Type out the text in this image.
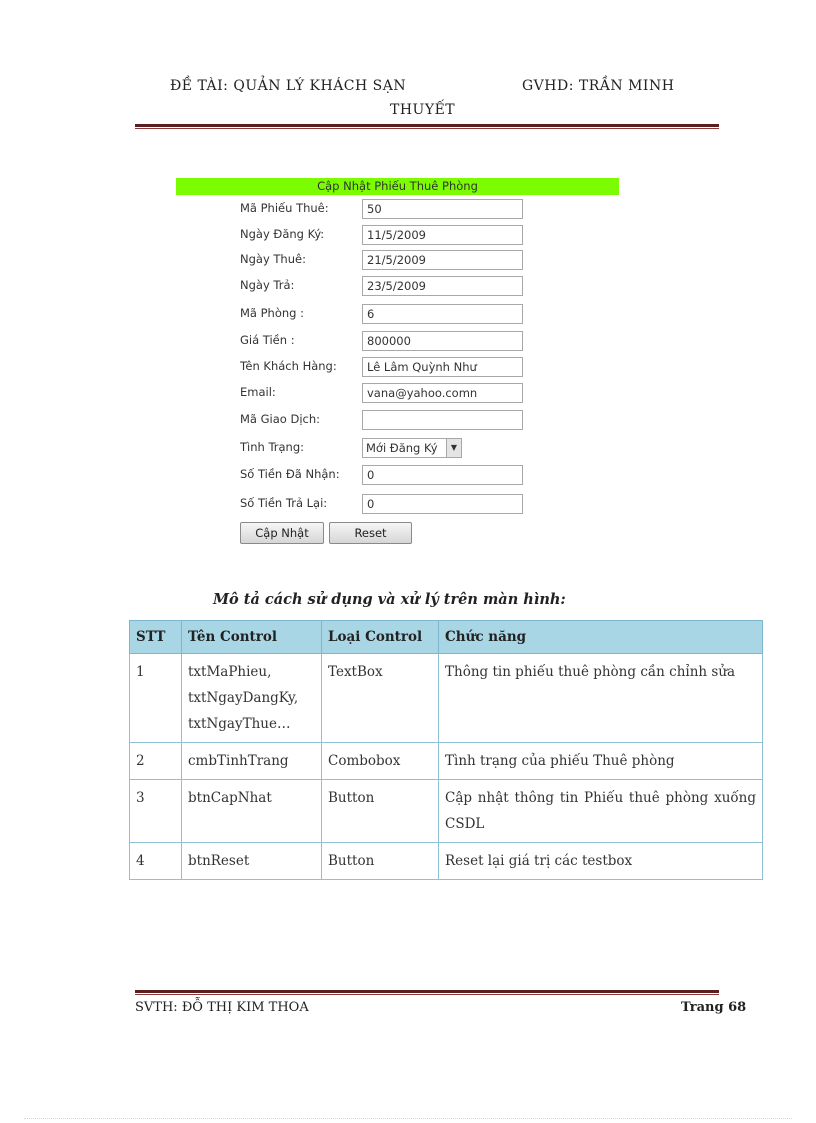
ĐỀ TÀI: QUẢN LÝ KHÁCH SẠN	GVHD: TRẦN MINH
THUYẾT
Cập Nhật Phiếu Thuê Phòng
Mã Phiếu Thuê:	50
Ngày Đăng Ký:	11/5/2009
Ngày Thuê:	21/5/2009
Ngày Trả:	23/5/2009
Mã Phòng :	6
Giá Tiền :	800000
Tên Khách Hàng:	Lê Lâm Quỳnh Như
Email:	vana@yahoo.comn
Mã Giao Dịch:
Tình Trạng:	Mới Đăng Ký	▼
Số Tiền Đã Nhận:	0
Số Tiền Trả Lại:	0
Cập Nhật	Reset
Mô tả cách sử dụng và xử lý trên màn hình:
STT	Tên Control	Loại Control	Chức năng
1	txtMaPhieu,
txtNgayDangKy,
txtNgayThue…	TextBox	Thông tin phiếu thuê phòng cần chỉnh sửa
2	cmbTinhTrang	Combobox	Tình trạng của phiếu Thuê phòng
3	btnCapNhat	Button	Cập nhật thông tin Phiếu thuê phòng xuống CSDL
4	btnReset	Button	Reset lại giá trị các testbox
SVTH: ĐỖ THỊ KIM THOA	Trang 68
